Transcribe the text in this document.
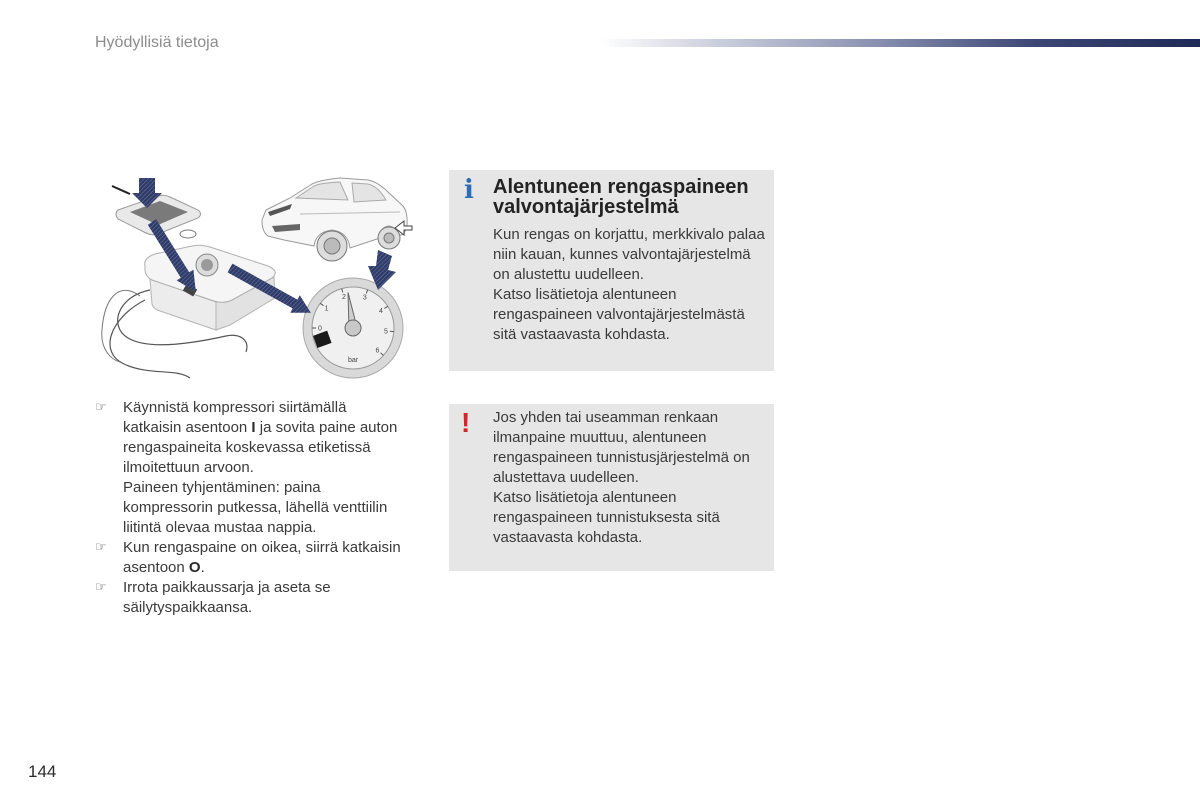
Hyödyllisiä tietoja
0
1
2 3
4
5
6
bar
☞

Käynnistä kompressori siirtämällä
katkaisin asentoon I ja sovita paine auton
rengaspaineita koskevassa etiketissä
ilmoitettuun arvoon.

Paineen tyhjentäminen: paina
kompressorin putkessa, lähellä venttiilin
liitintä olevaa mustaa nappia.

☞

Kun rengaspaine on oikea, siirrä katkaisin
asentoon O.

☞

Irrota paikkaussarja ja aseta se
säilytyspaikkaansa.

i

Alentuneen rengaspaineen
valvontajärjestelmä

Kun rengas on korjattu, merkkivalo palaa
niin kauan, kunnes valvontajärjestelmä
on alustettu uudelleen.
Katso lisätietoja alentuneen
rengaspaineen valvontajärjestelmästä
sitä vastaavasta kohdasta.

!

Jos yhden tai useamman renkaan
ilmanpaine muuttuu, alentuneen
rengaspaineen tunnistusjärjestelmä on
alustettava uudelleen.
Katso lisätietoja alentuneen
rengaspaineen tunnistuksesta sitä
vastaavasta kohdasta.

144
